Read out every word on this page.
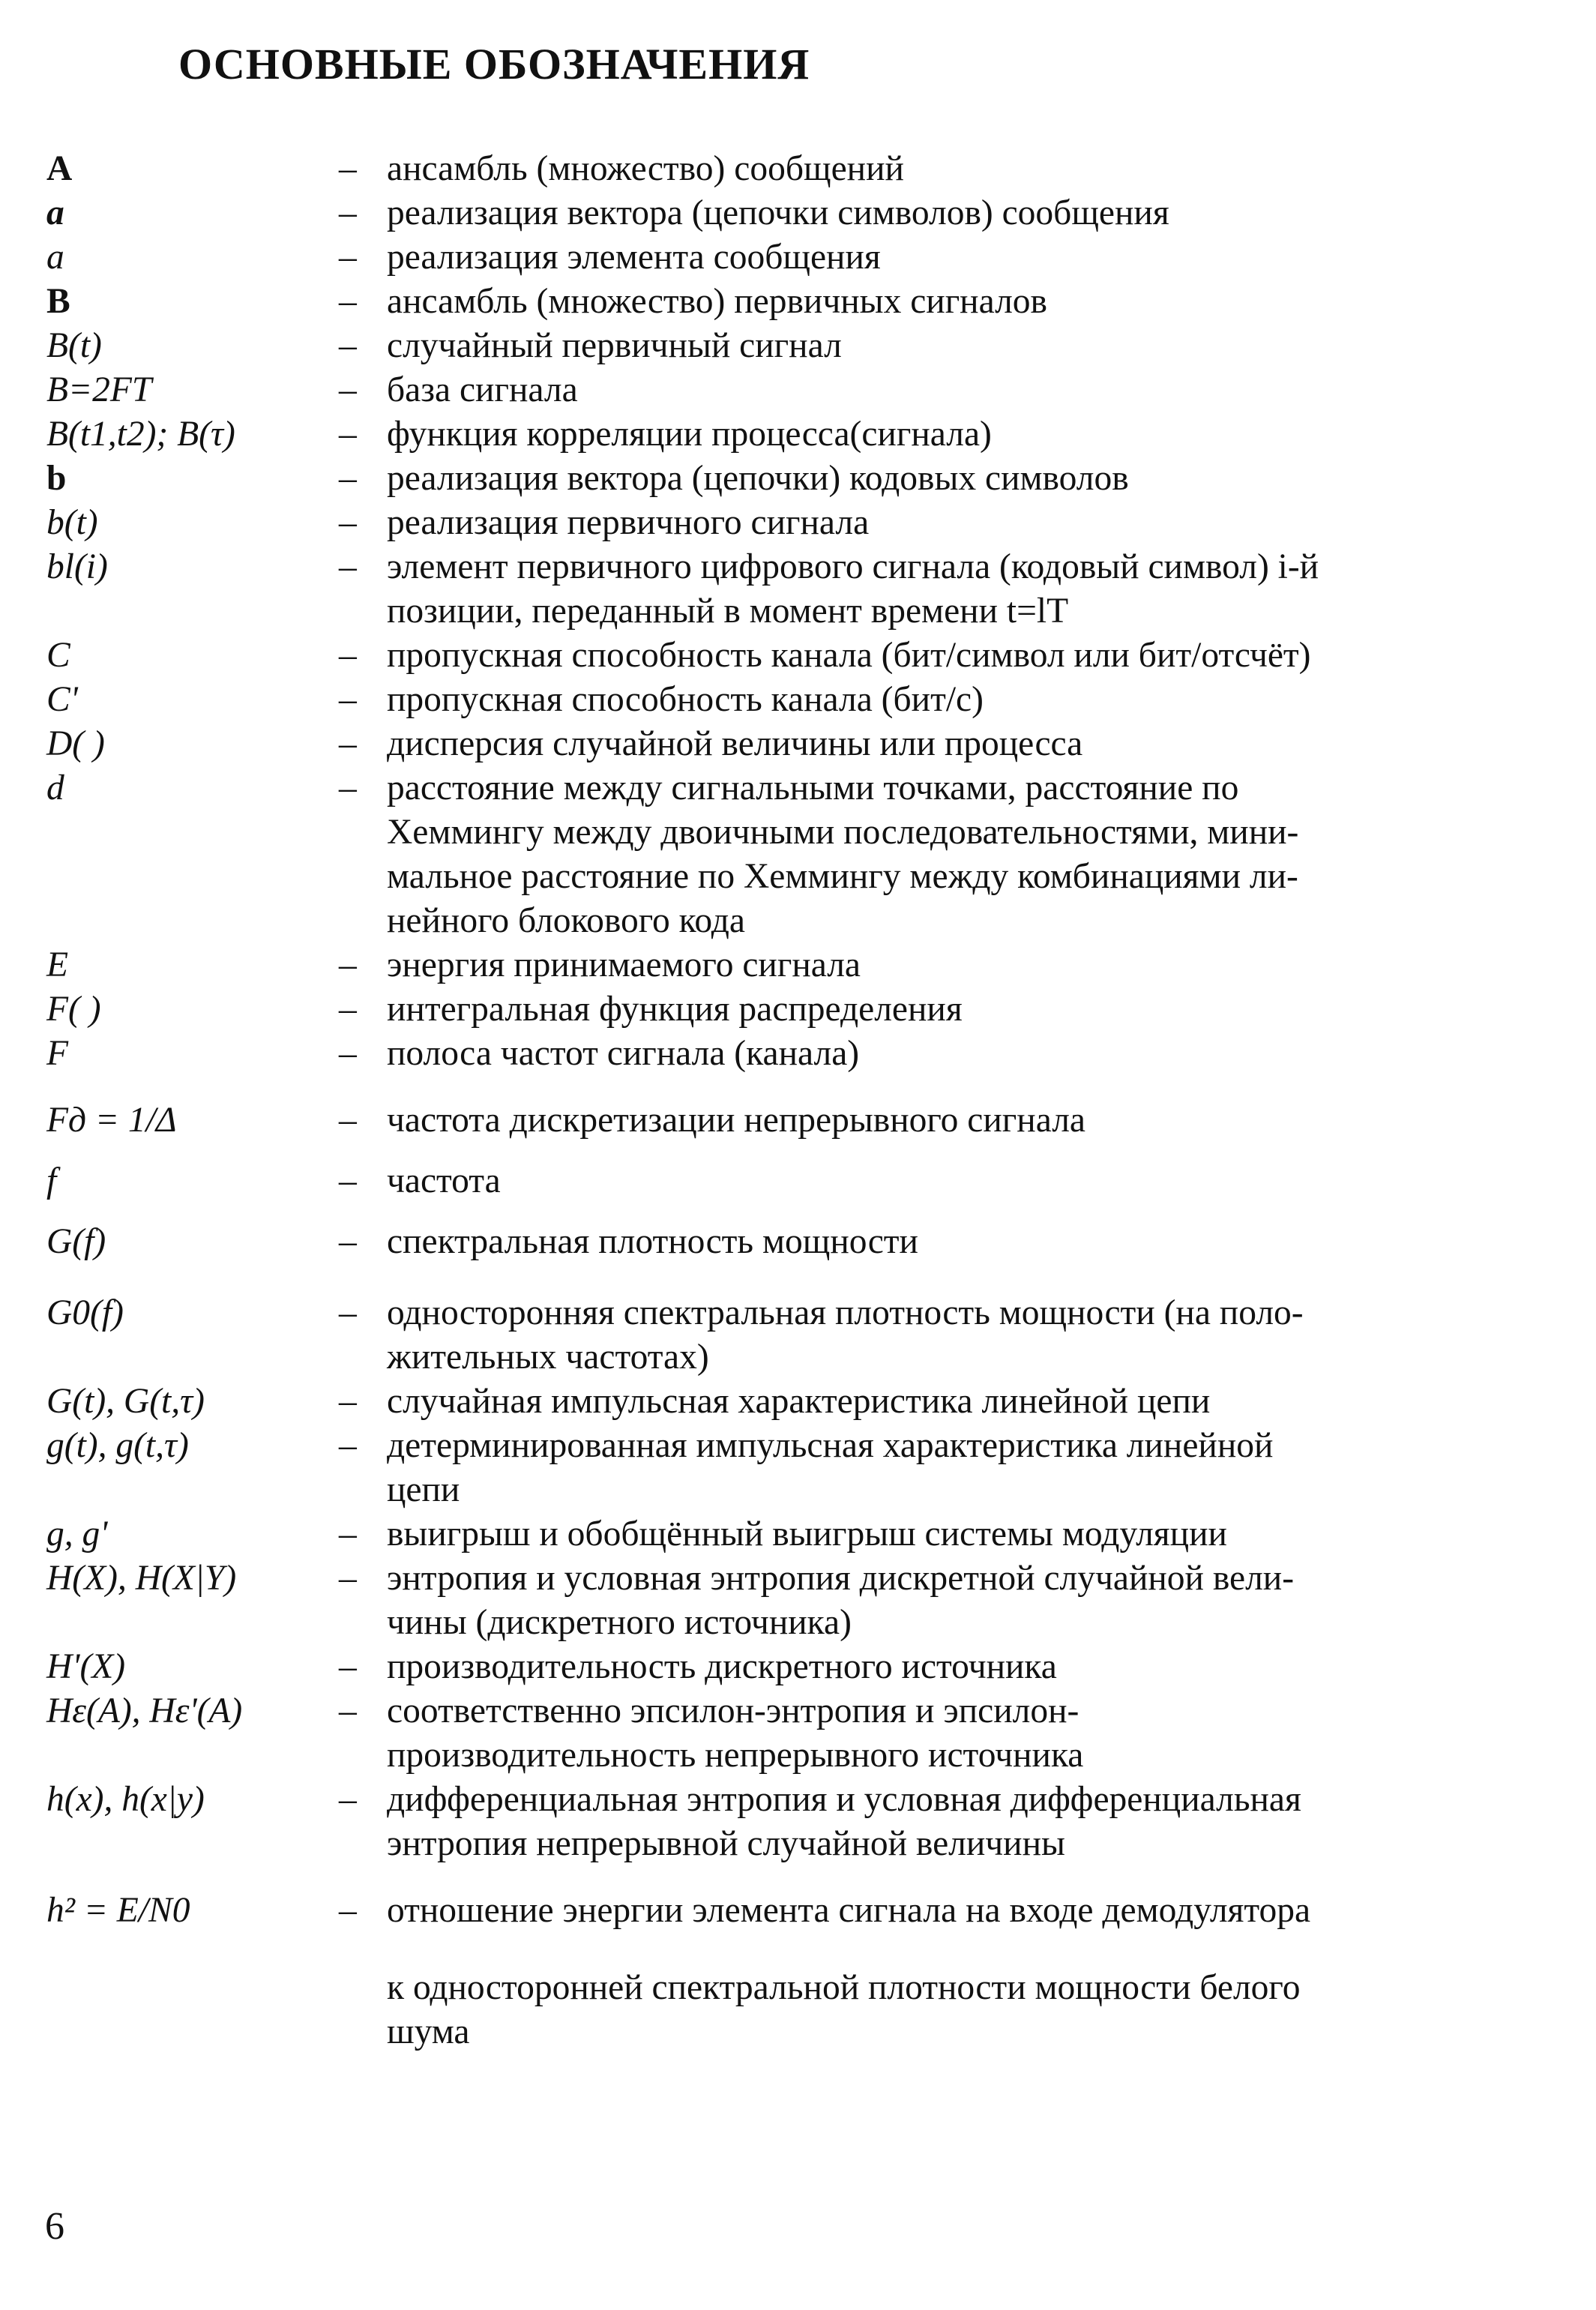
ОСНОВНЫЕ ОБОЗНАЧЕНИЯ
A	– ансамбль (множество) сообщений
a	– реализация вектора (цепочки символов) сообщения
a	– реализация элемента сообщения
B	– ансамбль (множество) первичных сигналов
B(t)	– случайный первичный сигнал
B=2FT	– база сигнала
B(t1,t2); B(τ)	– функция корреляции процесса(сигнала)
b	– реализация вектора (цепочки) кодовых символов
b(t)	– реализация первичного сигнала
bl(i)	– элемент первичного цифрового сигнала (кодовый символ) i-й
позиции, переданный в момент времени t=lT
C	– пропускная способность канала (бит/символ или бит/отсчёт)
C'	– пропускная способность канала (бит/с)
D( )	– дисперсия случайной величины или процесса
d	– расстояние между сигнальными точками, расстояние по
Хеммингу между двоичными последовательностями, мини-
мальное расстояние по Хеммингу между комбинациями ли-
нейного блокового кода
E	– энергия принимаемого сигнала
F( )	– интегральная функция распределения
F	– полоса частот сигнала (канала)
Fд = 1/Δ	– частота дискретизации непрерывного сигнала
f	– частота
G(f)	– спектральная плотность мощности
G0(f)	– односторонняя спектральная плотность мощности (на поло-
жительных частотах)
G(t), G(t,τ)	– случайная импульсная характеристика линейной цепи
g(t), g(t,τ)	– детерминированная импульсная характеристика линейной
цепи
g, g'	– выигрыш и обобщённый выигрыш системы модуляции
H(X), H(X|Y)	– энтропия и условная энтропия дискретной случайной вели-
чины (дискретного источника)
H'(X)	– производительность дискретного источника
Hε(A), Hε'(A)	– соответственно эпсилон-энтропия и эпсилон-
производительность непрерывного источника
h(x), h(x|y)	– дифференциальная энтропия и условная дифференциальная
энтропия непрерывной случайной величины
h² = E/N0	– отношение энергии элемента сигнала на входе демодулятора
к односторонней спектральной плотности мощности белого
шума
6
